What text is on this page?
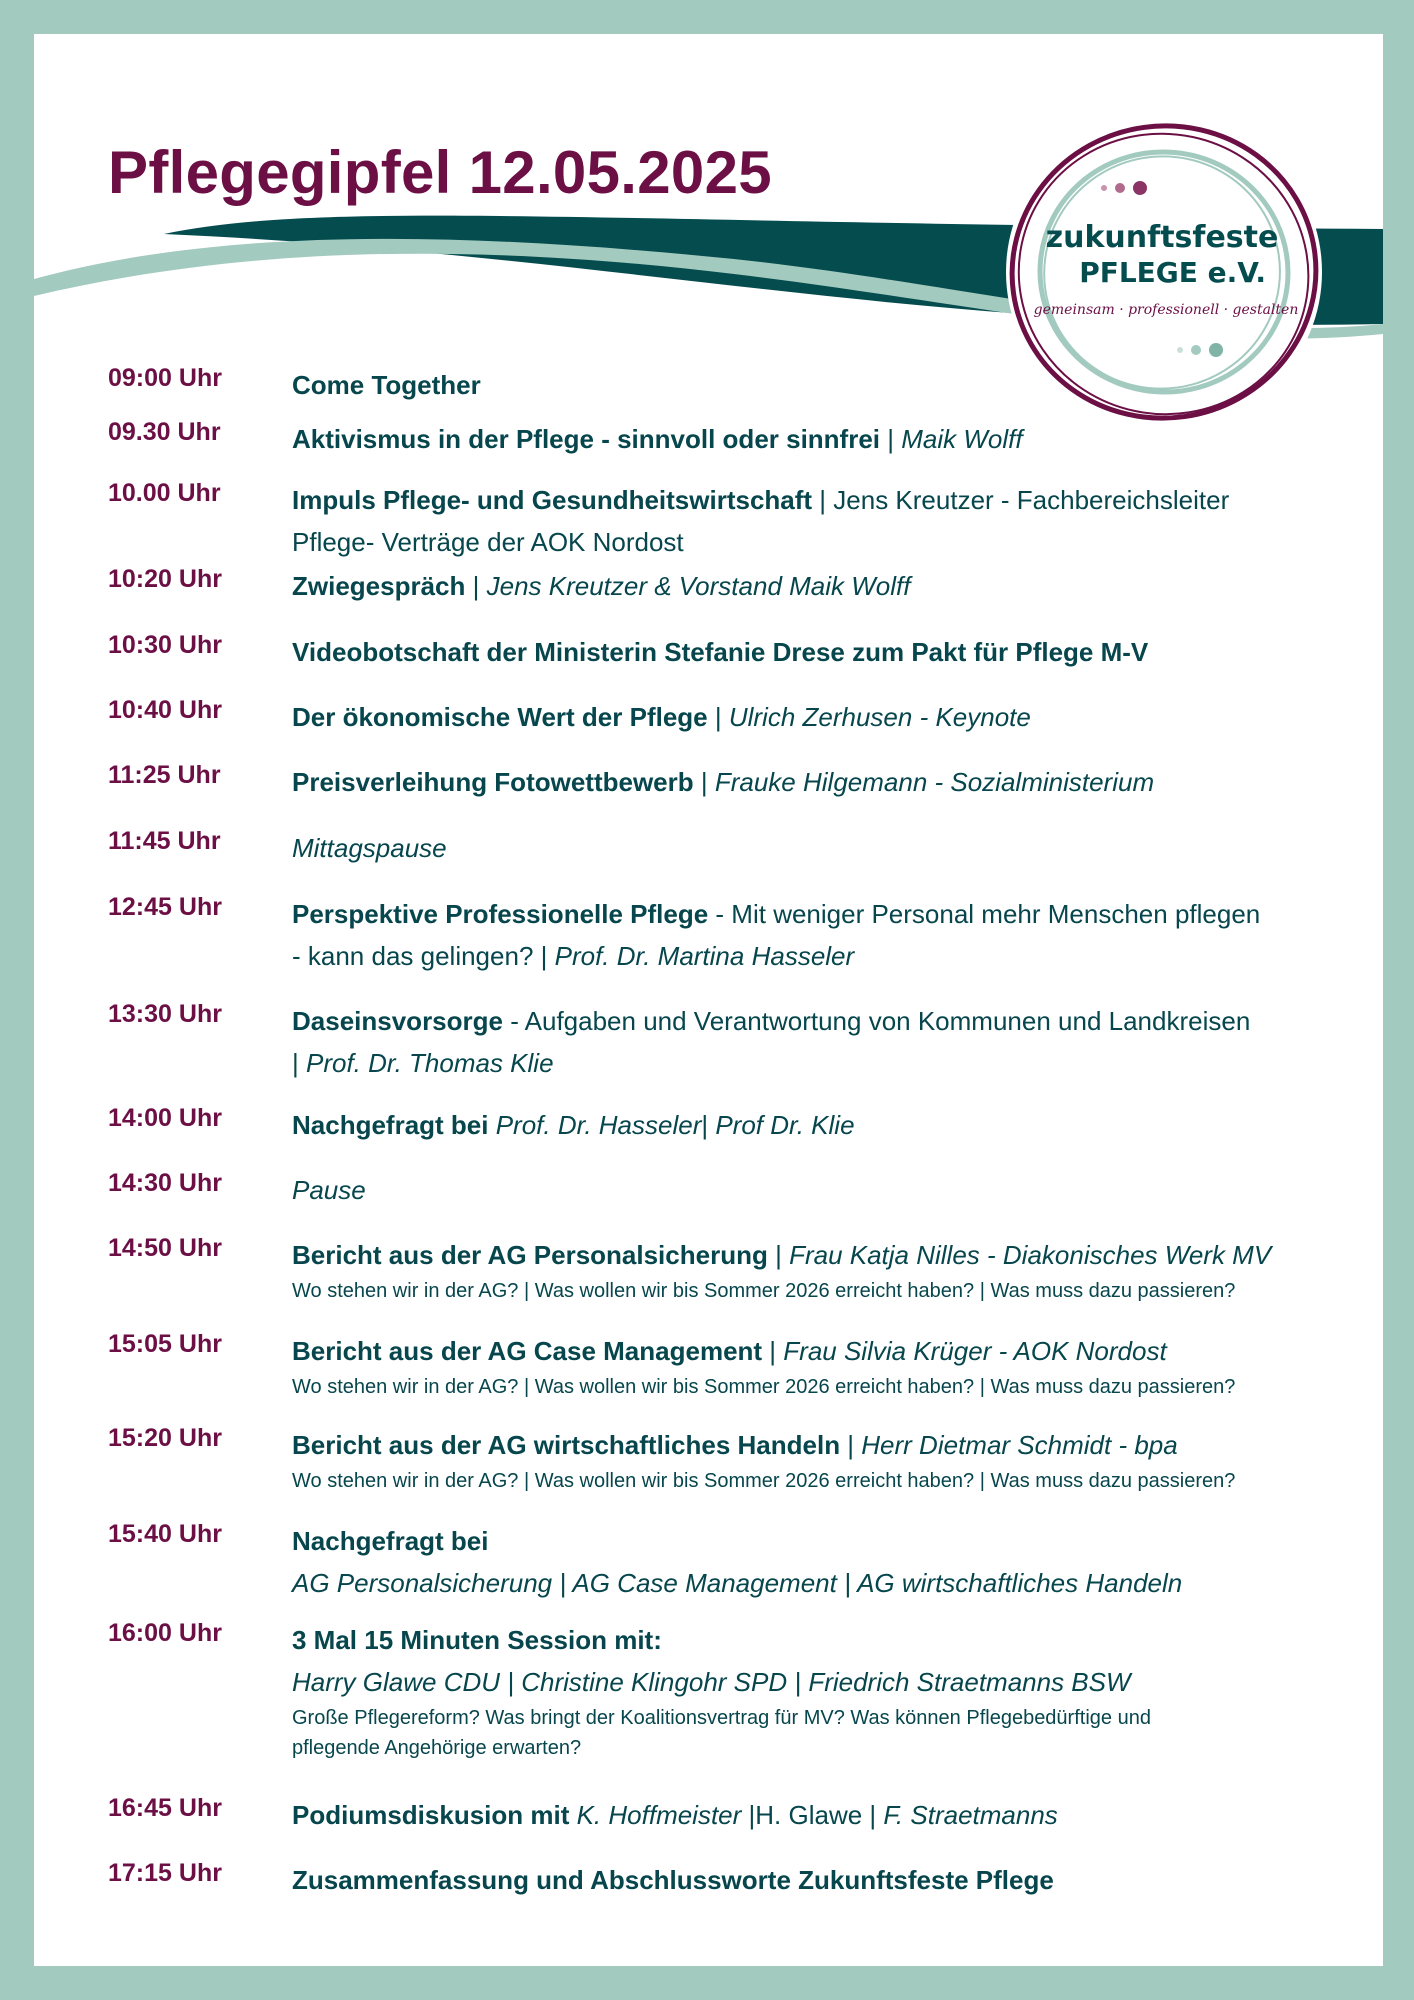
Pflegegipfel 12.05.2025
zukunftsfeste
PFLEGE e.V.
gemeinsam · professionell · gestalten
09:00 Uhr	Come Together
09.30 Uhr	Aktivismus in der Pflege - sinnvoll oder sinnfrei | Maik Wolff
10.00 Uhr	Impuls Pflege- und Gesundheitswirtschaft | Jens Kreutzer - Fachbereichsleiter
Pflege- Verträge der AOK Nordost
10:20 Uhr	Zwiegespräch | Jens Kreutzer & Vorstand Maik Wolff
10:30 Uhr	Videobotschaft der Ministerin Stefanie Drese zum Pakt für Pflege M-V
10:40 Uhr	Der ökonomische Wert der Pflege | Ulrich Zerhusen - Keynote
11:25 Uhr	Preisverleihung Fotowettbewerb | Frauke Hilgemann - Sozialministerium
11:45 Uhr	Mittagspause
12:45 Uhr	Perspektive Professionelle Pflege - Mit weniger Personal mehr Menschen pflegen
- kann das gelingen? | Prof. Dr. Martina Hasseler
13:30 Uhr	Daseinsvorsorge - Aufgaben und Verantwortung von Kommunen und Landkreisen
| Prof. Dr. Thomas Klie
14:00 Uhr	Nachgefragt bei Prof. Dr. Hasseler| Prof Dr. Klie
14:30 Uhr	Pause
14:50 Uhr	Bericht aus der AG Personalsicherung | Frau Katja Nilles - Diakonisches Werk MV
Wo stehen wir in der AG? | Was wollen wir bis Sommer 2026 erreicht haben? | Was muss dazu passieren?
15:05 Uhr	Bericht aus der AG Case Management | Frau Silvia Krüger - AOK Nordost
Wo stehen wir in der AG? | Was wollen wir bis Sommer 2026 erreicht haben? | Was muss dazu passieren?
15:20 Uhr	Bericht aus der AG wirtschaftliches Handeln | Herr Dietmar Schmidt - bpa
Wo stehen wir in der AG? | Was wollen wir bis Sommer 2026 erreicht haben? | Was muss dazu passieren?
15:40 Uhr	Nachgefragt bei
AG Personalsicherung | AG Case Management | AG wirtschaftliches Handeln
16:00 Uhr	3 Mal 15 Minuten Session mit:
Harry Glawe CDU | Christine Klingohr SPD | Friedrich Straetmanns BSW
Große Pflegereform? Was bringt der Koalitionsvertrag für MV? Was können Pflegebedürftige und
pflegende Angehörige erwarten?
16:45 Uhr	Podiumsdiskusion mit K. Hoffmeister |H. Glawe | F. Straetmanns
17:15 Uhr	Zusammenfassung und Abschlussworte Zukunftsfeste Pflege
